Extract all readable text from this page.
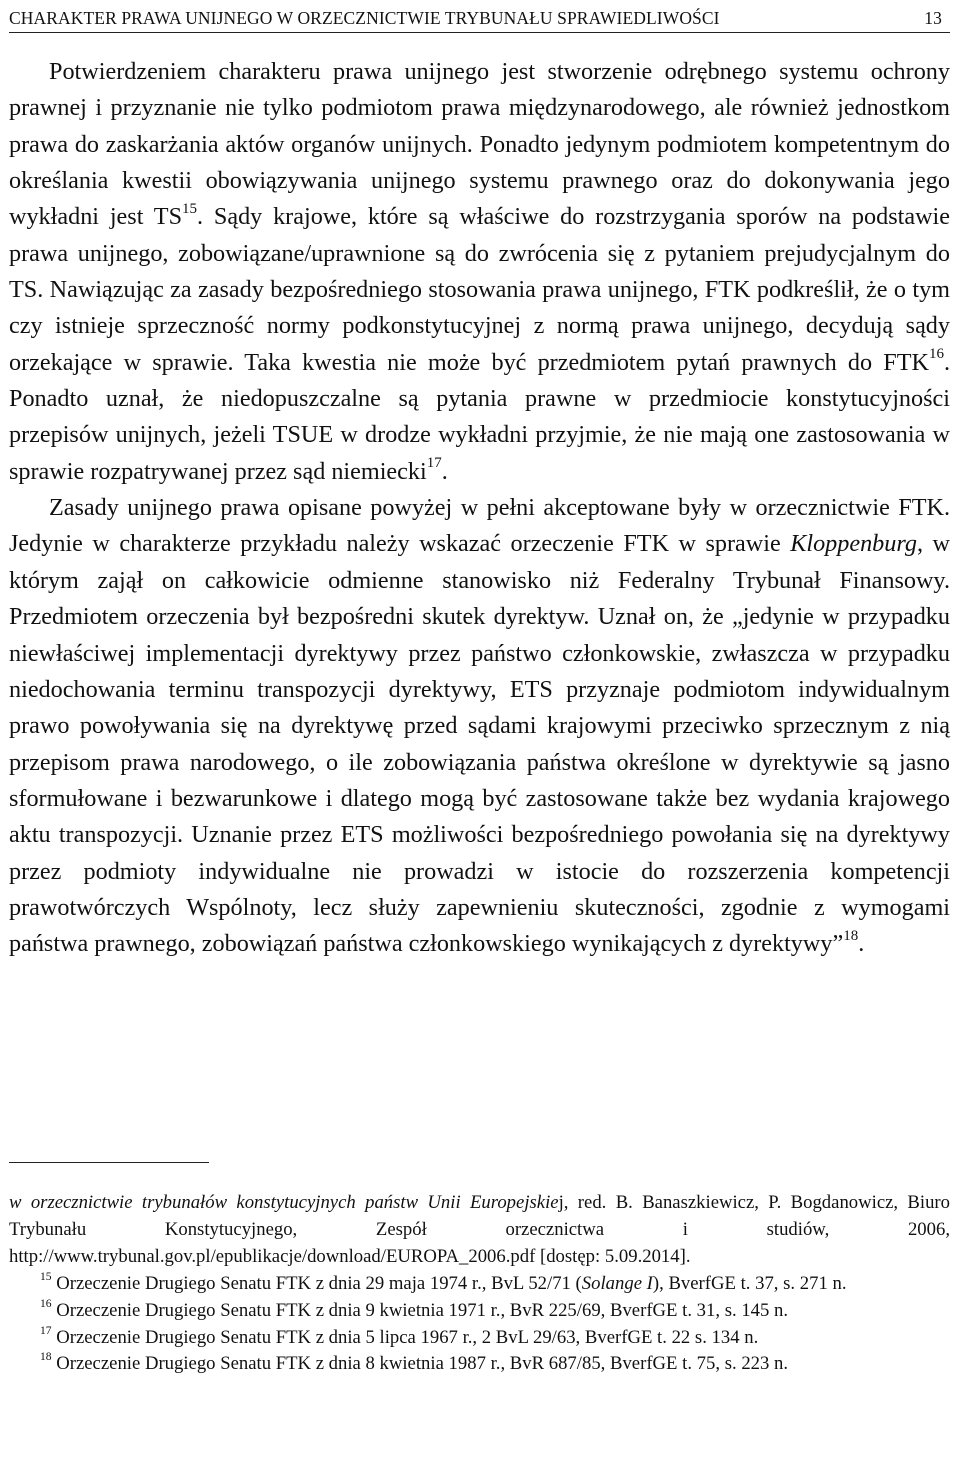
CHARAKTER PRAWA UNIJNEGO W ORZECZNICTWIE TRYBUNAŁU SPRAWIEDLIWOŚCI	13

Potwierdzeniem charakteru prawa unijnego jest stworzenie odrębnego systemu ochrony prawnej i przyznanie nie tylko podmiotom prawa międzynarodowego, ale również jednostkom prawa do zaskarżania aktów organów unijnych. Ponadto jedynym podmiotem kompetentnym do określania kwestii obowiązywania unijnego systemu prawnego oraz do dokonywania jego wykładni jest TS$^{15}$. Sądy krajowe, które są właściwe do rozstrzygania sporów na podstawie prawa unijnego, zobowiązane/uprawnione są do zwrócenia się z pytaniem prejudycjalnym do TS. Nawiązując za zasady bezpośredniego stosowania prawa unijnego, FTK podkreślił, że o tym czy istnieje sprzeczność normy podkonstytucyjnej z normą prawa unijnego, decydują sądy orzekające w sprawie. Taka kwestia nie może być przedmiotem pytań prawnych do FTK$^{16}$. Ponadto uznał, że niedopuszczalne są pytania prawne w przedmiocie konstytucyjności przepisów unijnych, jeżeli TSUE w drodze wykładni przyjmie, że nie mają one zastosowania w sprawie rozpatrywanej przez sąd niemiecki$^{17}$.

Zasady unijnego prawa opisane powyżej w pełni akceptowane były w orzecznictwie FTK. Jedynie w charakterze przykładu należy wskazać orzeczenie FTK w sprawie Kloppenburg, w którym zajął on całkowicie odmienne stanowisko niż Federalny Trybunał Finansowy. Przedmiotem orzeczenia był bezpośredni skutek dyrektyw. Uznał on, że „jedynie w przypadku niewłaściwej implementacji dyrektywy przez państwo członkowskie, zwłaszcza w przypadku niedochowania terminu transpozycji dyrektywy, ETS przyznaje podmiotom indywidualnym prawo powoływania się na dyrektywę przed sądami krajowymi przeciwko sprzecznym z nią przepisom prawa narodowego, o ile zobowiązania państwa określone w dyrektywie są jasno sformułowane i bezwarunkowe i dlatego mogą być zastosowane także bez wydania krajowego aktu transpozycji. Uznanie przez ETS możliwości bezpośredniego powołania się na dyrektywy przez podmioty indywidualne nie prowadzi w istocie do rozszerzenia kompetencji prawotwórczych Wspólnoty, lecz służy zapewnieniu skuteczności, zgodnie z wymogami państwa prawnego, zobowiązań państwa członkowskiego wynikających z dyrektywy”$^{18}$.

w orzecznictwie trybunałów konstytucyjnych państw Unii Europejskiej, red. B. Banaszkiewicz, P. Bogdanowicz, Biuro Trybunału Konstytucyjnego, Zespół orzecznictwa i studiów, 2006, http://www.trybunal.gov.pl/epublikacje/download/EUROPA_2006.pdf [dostęp: 5.09.2014].

$^{15}$ Orzeczenie Drugiego Senatu FTK z dnia 29 maja 1974 r., BvL 52/71 (Solange I), BverfGE t. 37, s. 271 n.

$^{16}$ Orzeczenie Drugiego Senatu FTK z dnia 9 kwietnia 1971 r., BvR 225/69, BverfGE t. 31, s. 145 n.

$^{17}$ Orzeczenie Drugiego Senatu FTK z dnia 5 lipca 1967 r., 2 BvL 29/63, BverfGE t. 22 s. 134 n.

$^{18}$ Orzeczenie Drugiego Senatu FTK z dnia 8 kwietnia 1987 r., BvR 687/85, BverfGE t. 75, s. 223 n.
